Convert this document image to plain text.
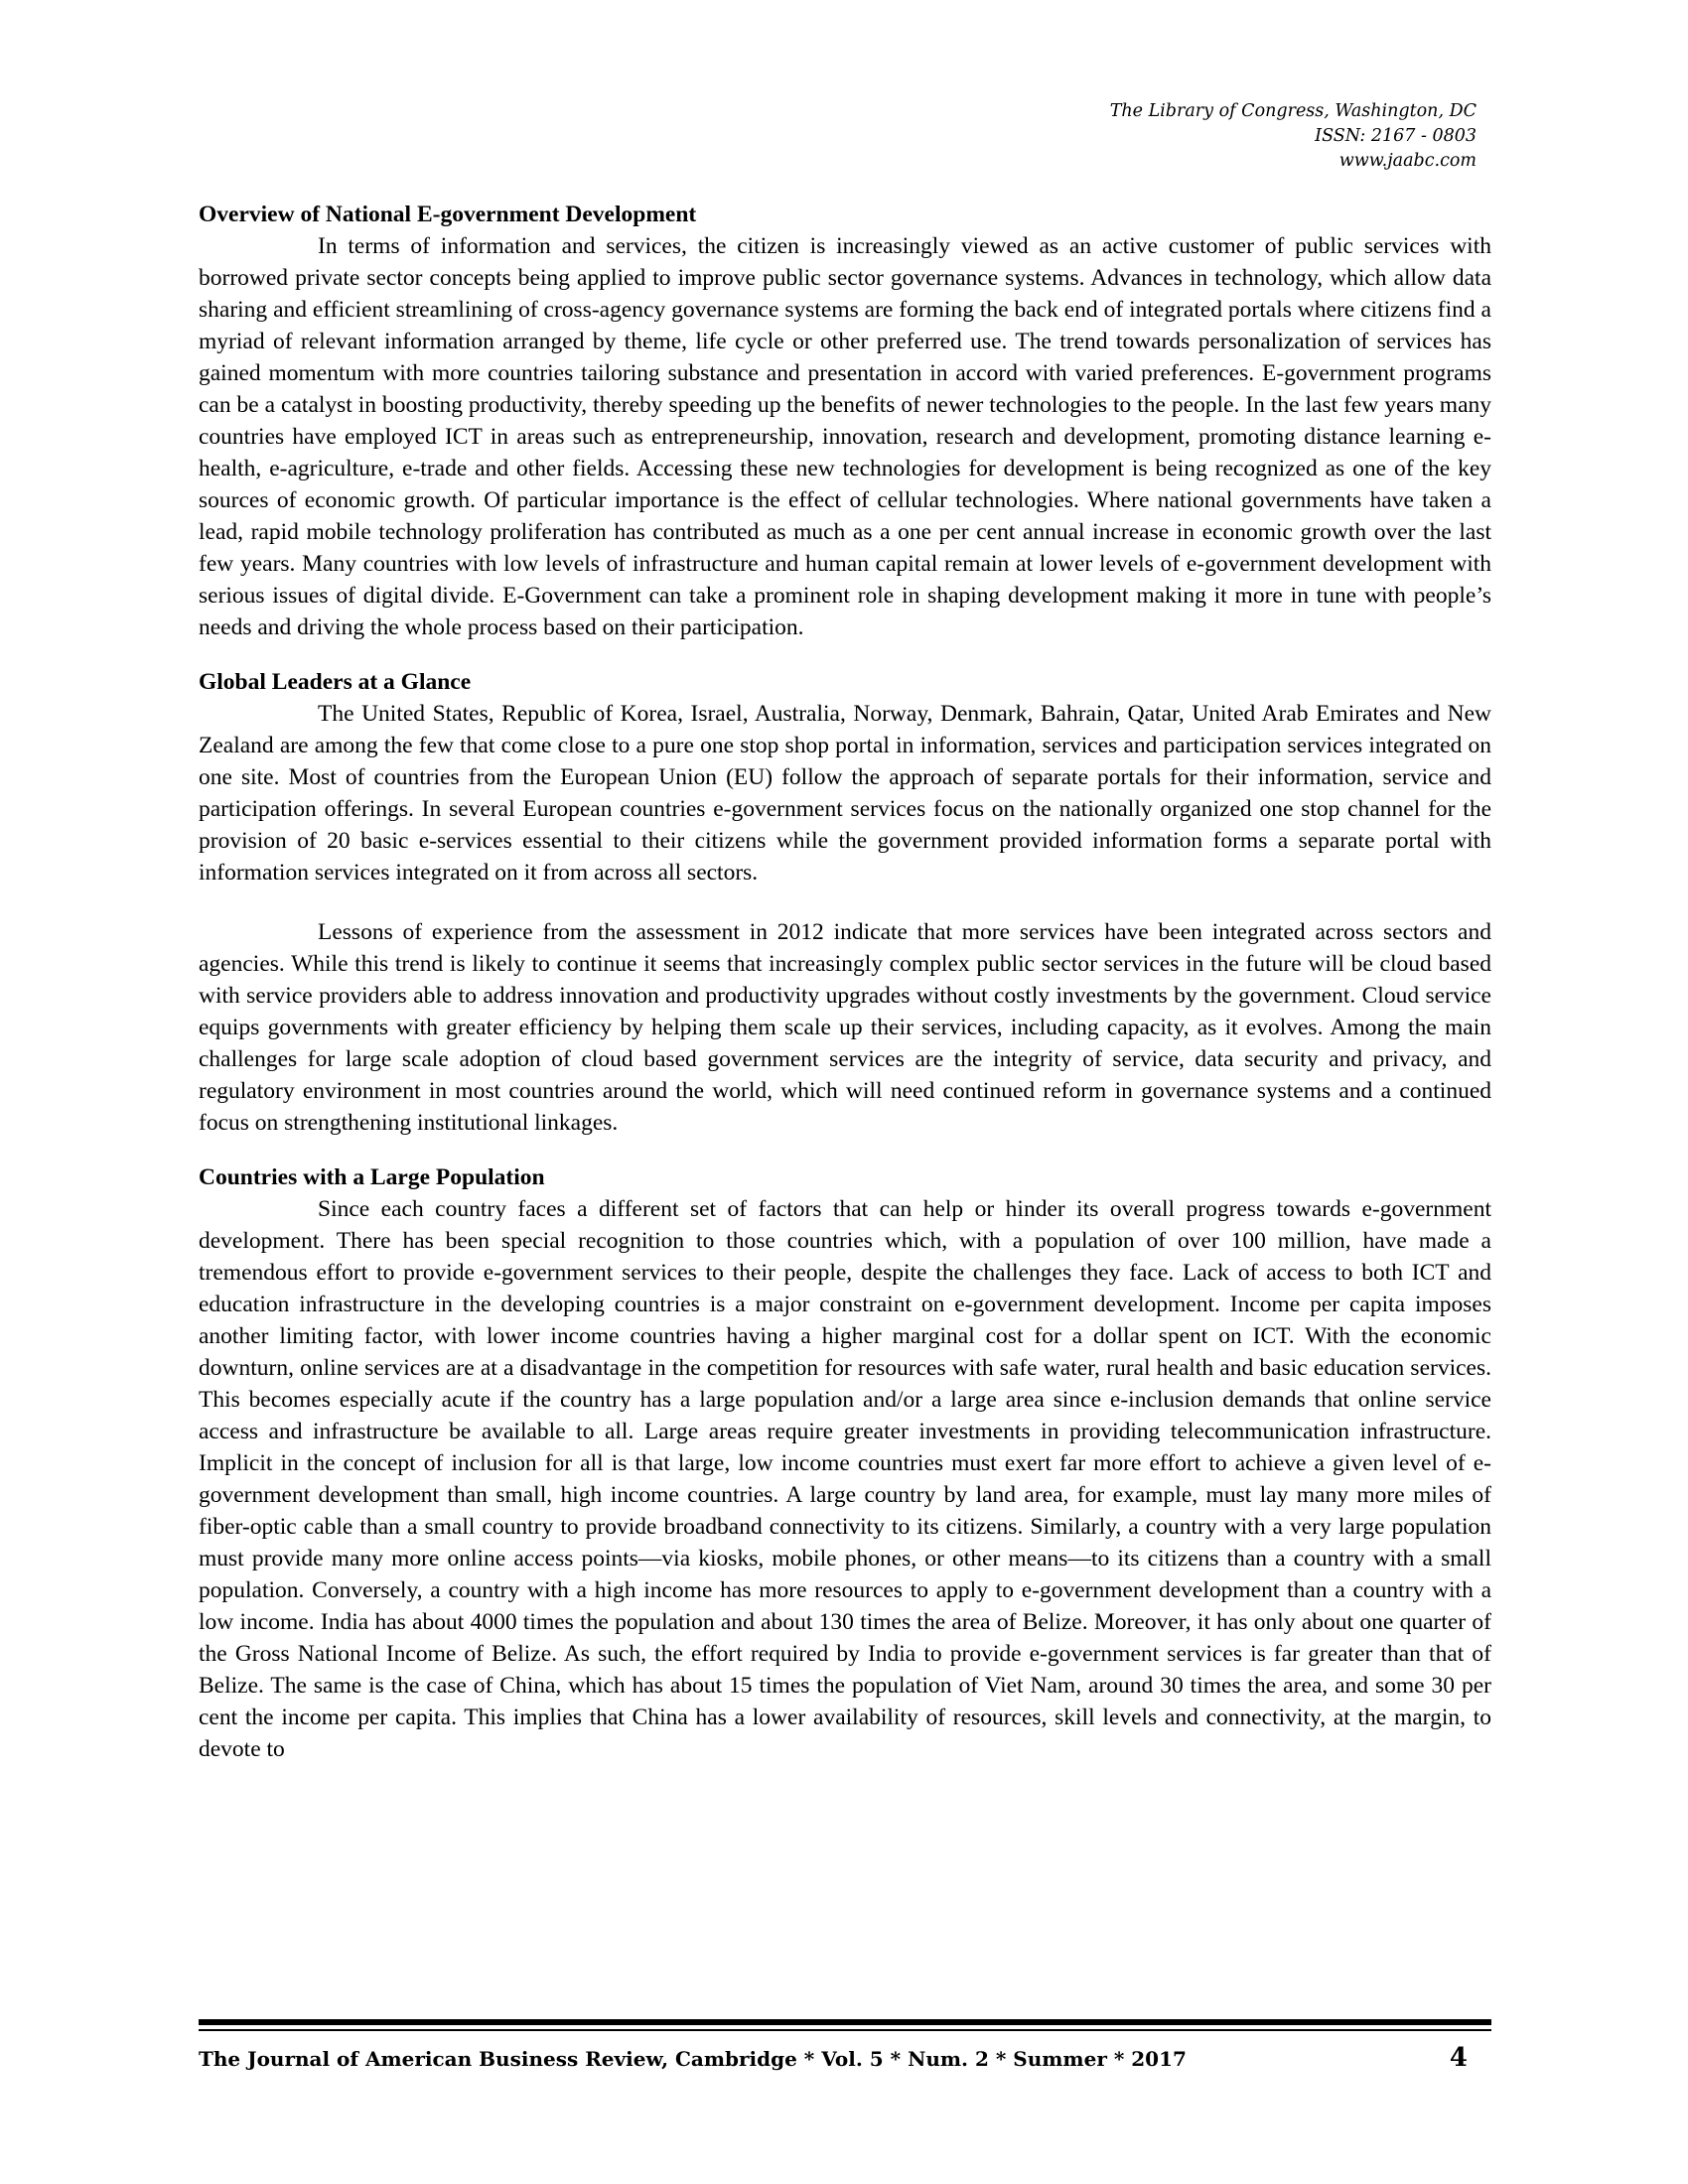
The Library of Congress, Washington, DC
ISSN: 2167 - 0803
www.jaabc.com
Overview of National E-government Development

In terms of information and services, the citizen is increasingly viewed as an active customer of public services with borrowed private sector concepts being applied to improve public sector governance systems. Advances in technology, which allow data sharing and efficient streamlining of cross-agency governance systems are forming the back end of integrated portals where citizens find a myriad of relevant information arranged by theme, life cycle or other preferred use. The trend towards personalization of services has gained momentum with more countries tailoring substance and presentation in accord with varied preferences. E-government programs can be a catalyst in boosting productivity, thereby speeding up the benefits of newer technologies to the people. In the last few years many countries have employed ICT in areas such as entrepreneurship, innovation, research and development, promoting distance learning e-health, e-agriculture, e-trade and other fields. Accessing these new technologies for development is being recognized as one of the key sources of economic growth. Of particular importance is the effect of cellular technologies. Where national governments have taken a lead, rapid mobile technology proliferation has contributed as much as a one per cent annual increase in economic growth over the last few years. Many countries with low levels of infrastructure and human capital remain at lower levels of e-government development with serious issues of digital divide. E-Government can take a prominent role in shaping development making it more in tune with people’s needs and driving the whole process based on their participation.

Global Leaders at a Glance

The United States, Republic of Korea, Israel, Australia, Norway, Denmark, Bahrain, Qatar, United Arab Emirates and New Zealand are among the few that come close to a pure one stop shop portal in information, services and participation services integrated on one site. Most of countries from the European Union (EU) follow the approach of separate portals for their information, service and participation offerings. In several European countries e-government services focus on the nationally organized one stop channel for the provision of 20 basic e-services essential to their citizens while the government provided information forms a separate portal with information services integrated on it from across all sectors.

Lessons of experience from the assessment in 2012 indicate that more services have been integrated across sectors and agencies. While this trend is likely to continue it seems that increasingly complex public sector services in the future will be cloud based with service providers able to address innovation and productivity upgrades without costly investments by the government. Cloud service equips governments with greater efficiency by helping them scale up their services, including capacity, as it evolves. Among the main challenges for large scale adoption of cloud based government services are the integrity of service, data security and privacy, and regulatory environment in most countries around the world, which will need continued reform in governance systems and a continued focus on strengthening institutional linkages.

Countries with a Large Population

Since each country faces a different set of factors that can help or hinder its overall progress towards e-government development. There has been special recognition to those countries which, with a population of over 100 million, have made a tremendous effort to provide e-government services to their people, despite the challenges they face. Lack of access to both ICT and education infrastructure in the developing countries is a major constraint on e-government development. Income per capita imposes another limiting factor, with lower income countries having a higher marginal cost for a dollar spent on ICT. With the economic downturn, online services are at a disadvantage in the competition for resources with safe water, rural health and basic education services. This becomes especially acute if the country has a large population and/or a large area since e-inclusion demands that online service access and infrastructure be available to all. Large areas require greater investments in providing telecommunication infrastructure. Implicit in the concept of inclusion for all is that large, low income countries must exert far more effort to achieve a given level of e-government development than small, high income countries. A large country by land area, for example, must lay many more miles of fiber-optic cable than a small country to provide broadband connectivity to its citizens. Similarly, a country with a very large population must provide many more online access points—via kiosks, mobile phones, or other means—to its citizens than a country with a small population. Conversely, a country with a high income has more resources to apply to e-government development than a country with a low income. India has about 4000 times the population and about 130 times the area of Belize. Moreover, it has only about one quarter of the Gross National Income of Belize. As such, the effort required by India to provide e-government services is far greater than that of Belize. The same is the case of China, which has about 15 times the population of Viet Nam, around 30 times the area, and some 30 per cent the income per capita. This implies that China has a lower availability of resources, skill levels and connectivity, at the margin, to devote to

The Journal of American Business Review, Cambridge * Vol. 5 * Num. 2 * Summer * 2017	4
